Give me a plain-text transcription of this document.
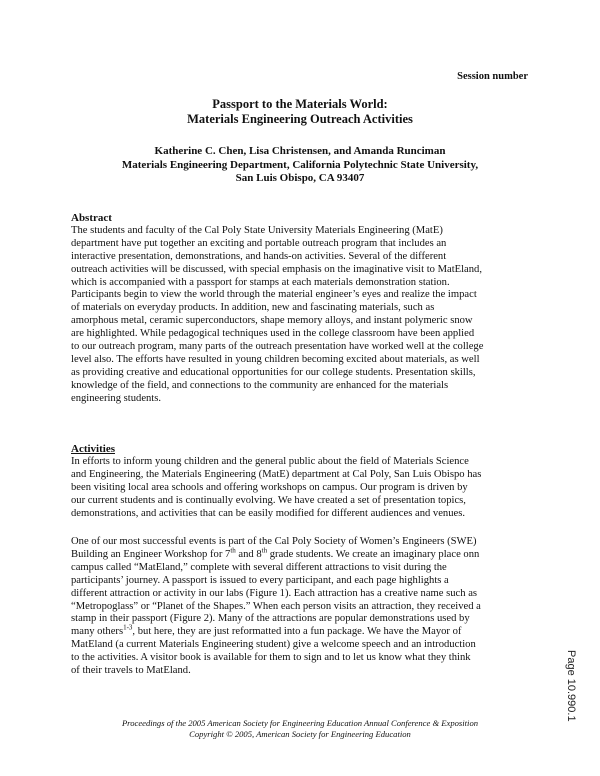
Session number
Passport to the Materials World:
Materials Engineering Outreach Activities
Katherine C. Chen, Lisa Christensen, and Amanda Runciman
Materials Engineering Department, California Polytechnic State University,
San Luis Obispo, CA 93407
Abstract
The students and faculty of the Cal Poly State University Materials Engineering (MatE)
department have put together an exciting and portable outreach program that includes an
interactive presentation, demonstrations, and hands-on activities. Several of the different
outreach activities will be discussed, with special emphasis on the imaginative visit to MatEland,
which is accompanied with a passport for stamps at each materials demonstration station.
Participants begin to view the world through the material engineer’s eyes and realize the impact
of materials on everyday products. In addition, new and fascinating materials, such as
amorphous metal, ceramic superconductors, shape memory alloys, and instant polymeric snow
are highlighted. While pedagogical techniques used in the college classroom have been applied
to our outreach program, many parts of the outreach presentation have worked well at the college
level also. The efforts have resulted in young children becoming excited about materials, as well
as providing creative and educational opportunities for our college students. Presentation skills,
knowledge of the field, and connections to the community are enhanced for the materials
engineering students.
Activities
In efforts to inform young children and the general public about the field of Materials Science
and Engineering, the Materials Engineering (MatE) department at Cal Poly, San Luis Obispo has
been visiting local area schools and offering workshops on campus. Our program is driven by
our current students and is continually evolving. We have created a set of presentation topics,
demonstrations, and activities that can be easily modified for different audiences and venues.
One of our most successful events is part of the Cal Poly Society of Women’s Engineers (SWE)
Building an Engineer Workshop for 7th and 8th grade students. We create an imaginary place onn
campus called “MatEland,” complete with several different attractions to visit during the
participants’ journey. A passport is issued to every participant, and each page highlights a
different attraction or activity in our labs (Figure 1). Each attraction has a creative name such as
“Metropoglass” or “Planet of the Shapes.” When each person visits an attraction, they received a
stamp in their passport (Figure 2). Many of the attractions are popular demonstrations used by
many others$^{1-3}$, but here, they are just reformatted into a fun package. We have the Mayor of
MatEland (a current Materials Engineering student) give a welcome speech and an introduction
to the activities. A visitor book is available for them to sign and to let us know what they think
of their travels to MatEland.
Proceedings of the 2005 American Society for Engineering Education Annual Conference & Exposition
Copyright © 2005, American Society for Engineering Education
Page 10.990.1
